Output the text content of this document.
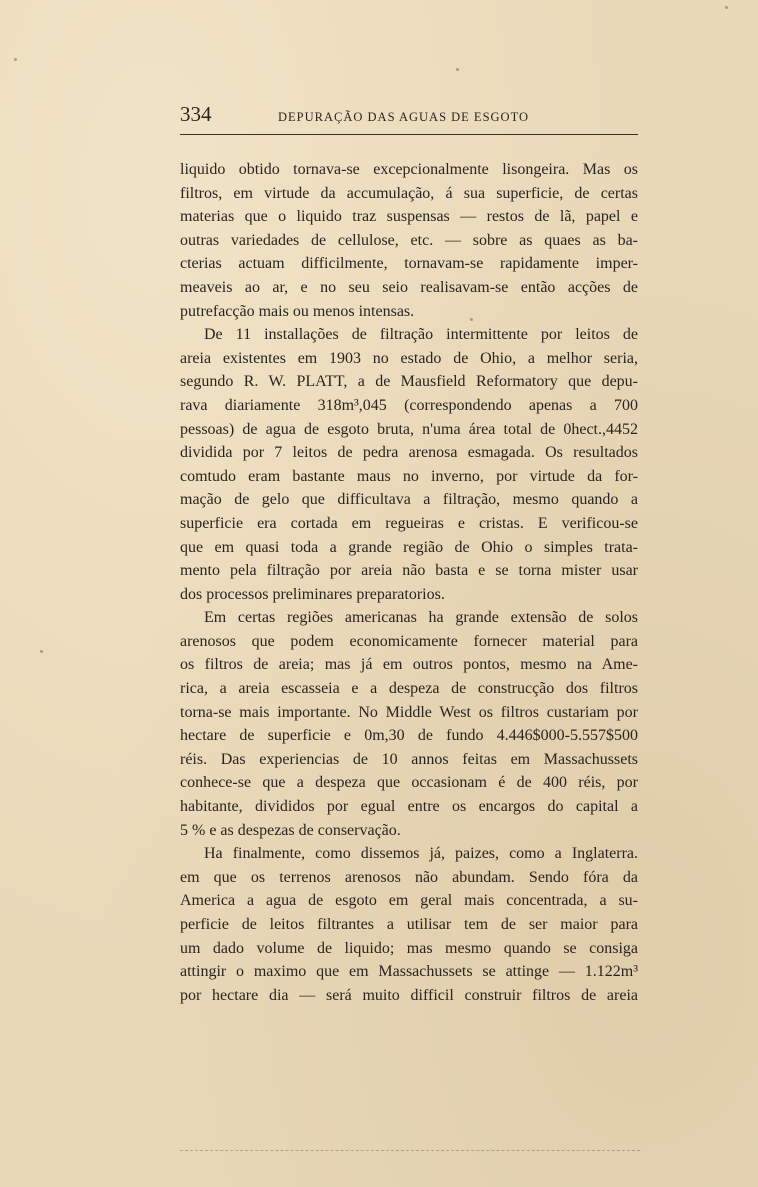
334	DEPURAÇÃO DAS AGUAS DE ESGOTO
liquido obtido tornava-se excepcionalmente lisongeira. Mas os
filtros, em virtude da accumulação, á sua superficie, de certas
materias que o liquido traz suspensas — restos de lã, papel e
outras variedades de cellulose, etc. — sobre as quaes as ba-
cterias actuam difficilmente, tornavam-se rapidamente imper-
meaveis ao ar, e no seu seio realisavam-se então acções de
putrefacção mais ou menos intensas.
De 11 installações de filtração intermittente por leitos de
areia existentes em 1903 no estado de Ohio, a melhor seria,
segundo R. W. PLATT, a de Mausfield Reformatory que depu-
rava diariamente 318m³,045 (correspondendo apenas a 700
pessoas) de agua de esgoto bruta, n'uma área total de 0hect.,4452
dividida por 7 leitos de pedra arenosa esmagada. Os resultados
comtudo eram bastante maus no inverno, por virtude da for-
mação de gelo que difficultava a filtração, mesmo quando a
superficie era cortada em regueiras e cristas. E verificou-se
que em quasi toda a grande região de Ohio o simples trata-
mento pela filtração por areia não basta e se torna mister usar
dos processos preliminares preparatorios.
Em certas regiões americanas ha grande extensão de solos
arenosos que podem economicamente fornecer material para
os filtros de areia; mas já em outros pontos, mesmo na Ame-
rica, a areia escasseia e a despeza de construcção dos filtros
torna-se mais importante. No Middle West os filtros custariam por
hectare de superficie e 0m,30 de fundo 4.446$000-5.557$500
réis. Das experiencias de 10 annos feitas em Massachussets
conhece-se que a despeza que occasionam é de 400 réis, por
habitante, divididos por egual entre os encargos do capital a
5 % e as despezas de conservação.
Ha finalmente, como dissemos já, paizes, como a Inglaterra.
em que os terrenos arenosos não abundam. Sendo fóra da
America a agua de esgoto em geral mais concentrada, a su-
perficie de leitos filtrantes a utilisar tem de ser maior para
um dado volume de liquido; mas mesmo quando se consiga
attingir o maximo que em Massachussets se attinge — 1.122m³
por hectare dia — será muito difficil construir filtros de areia
